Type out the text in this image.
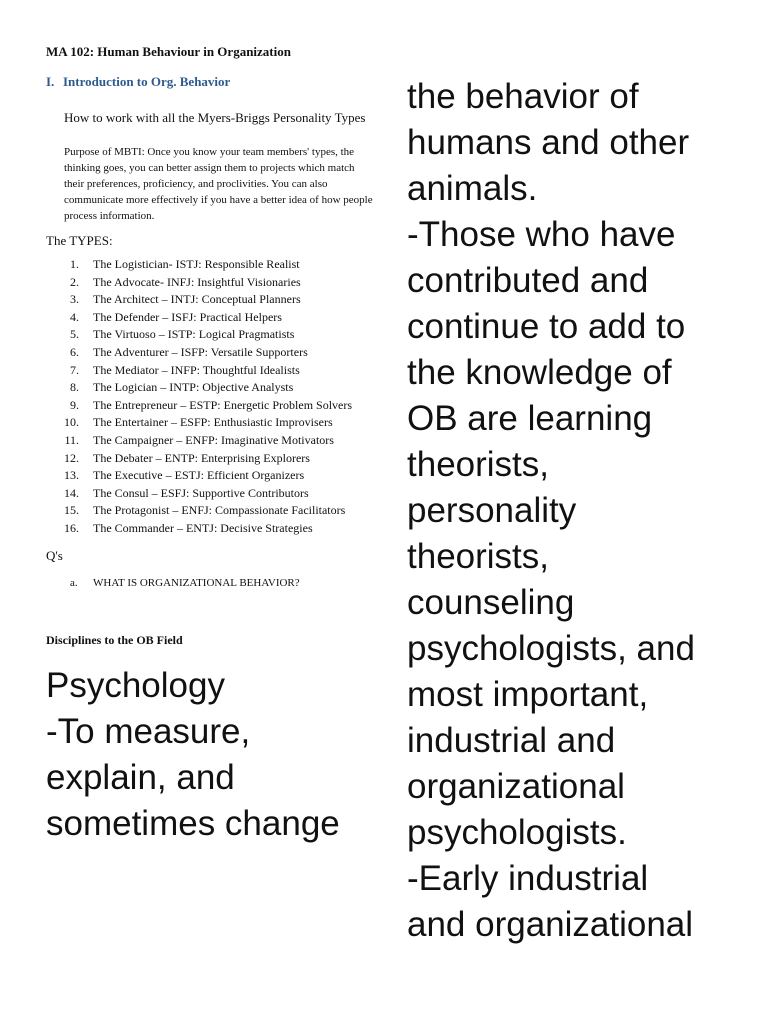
MA 102: Human Behaviour in Organization

I. Introduction to Org. Behavior

How to work with all the Myers-Briggs Personality Types

Purpose of MBTI: Once you know your team members' types, the thinking goes, you can better assign them to projects which match their preferences, proficiency, and proclivities. You can also communicate more effectively if you have a better idea of how people process information.

The TYPES:

1. The Logistician- ISTJ: Responsible Realist
2. The Advocate- INFJ: Insightful Visionaries
3. The Architect – INTJ: Conceptual Planners
4. The Defender – ISFJ: Practical Helpers
5. The Virtuoso – ISTP: Logical Pragmatists
6. The Adventurer – ISFP: Versatile Supporters
7. The Mediator – INFP: Thoughtful Idealists
8. The Logician – INTP: Objective Analysts
9. The Entrepreneur – ESTP: Energetic Problem Solvers
10. The Entertainer – ESFP: Enthusiastic Improvisers
11. The Campaigner – ENFP: Imaginative Motivators
12. The Debater – ENTP: Enterprising Explorers
13. The Executive – ESTJ: Efficient Organizers
14. The Consul – ESFJ: Supportive Contributors
15. The Protagonist – ENFJ: Compassionate Facilitators
16. The Commander – ENTJ: Decisive Strategies

Q's

a. WHAT IS ORGANIZATIONAL BEHAVIOR?

Disciplines to the OB Field

Psychology
-To measure,
explain, and
sometimes change

the behavior of
humans and other
animals.
-Those who have
contributed and
continue to add to
the knowledge of
OB are learning
theorists,
personality
theorists,
counseling
psychologists, and
most important,
industrial and
organizational
psychologists.
-Early industrial
and organizational
